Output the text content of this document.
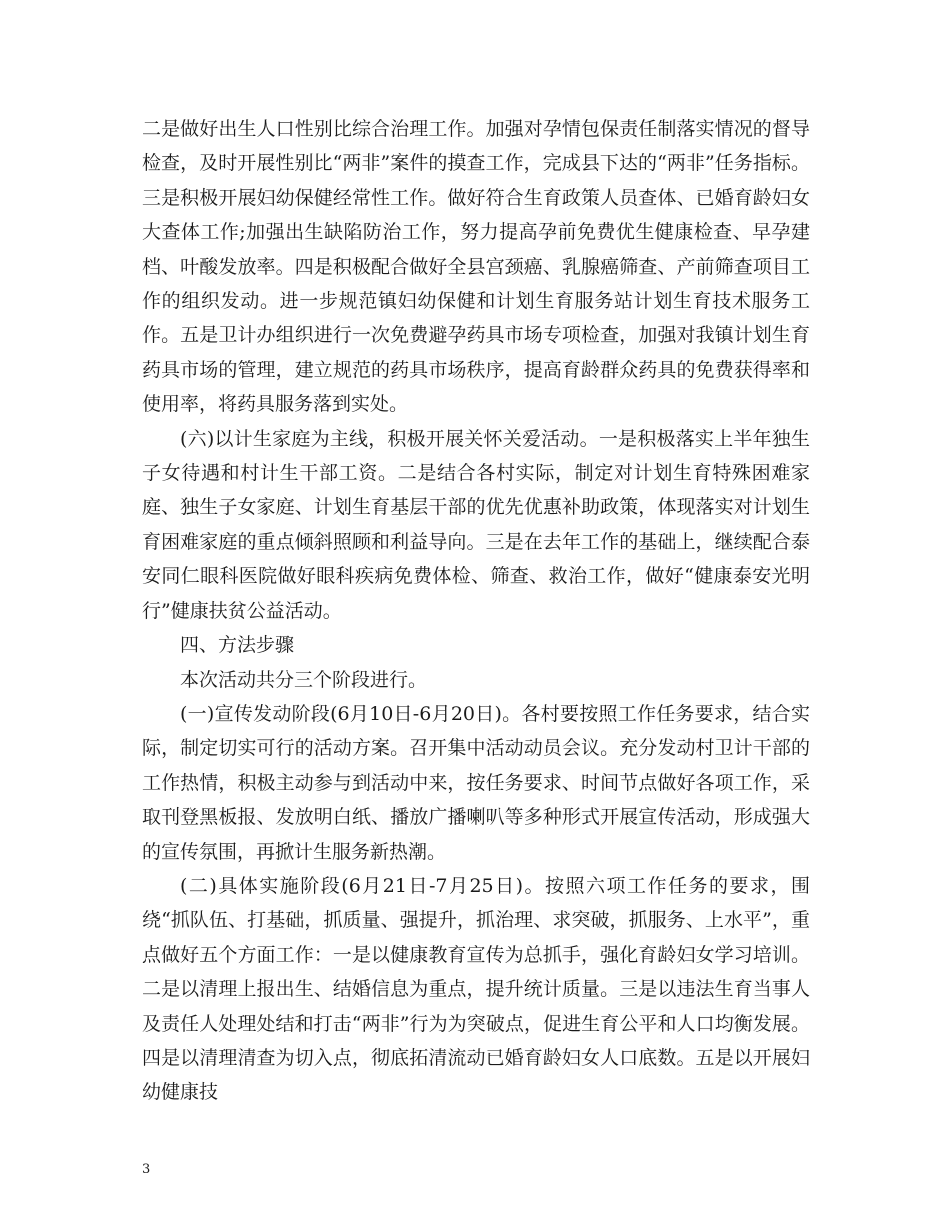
二是做好出生人口性别比综合治理工作。加强对孕情包保责任制落实情况的督导检查，及时开展性别比“两非”案件的摸查工作，完成县下达的“两非”任务指标。三是积极开展妇幼保健经常性工作。做好符合生育政策人员查体、已婚育龄妇女大查体工作;加强出生缺陷防治工作，努力提高孕前免费优生健康检查、早孕建档、叶酸发放率。四是积极配合做好全县宫颈癌、乳腺癌筛查、产前筛查项目工作的组织发动。进一步规范镇妇幼保健和计划生育服务站计划生育技术服务工作。五是卫计办组织进行一次免费避孕药具市场专项检查，加强对我镇计划生育药具市场的管理，建立规范的药具市场秩序，提高育龄群众药具的免费获得率和使用率，将药具服务落到实处。

(六)以计生家庭为主线，积极开展关怀关爱活动。一是积极落实上半年独生子女待遇和村计生干部工资。二是结合各村实际，制定对计划生育特殊困难家庭、独生子女家庭、计划生育基层干部的优先优惠补助政策，体现落实对计划生育困难家庭的重点倾斜照顾和利益导向。三是在去年工作的基础上，继续配合泰安同仁眼科医院做好眼科疾病免费体检、筛查、救治工作，做好“健康泰安光明行”健康扶贫公益活动。

四、方法步骤

本次活动共分三个阶段进行。

(一)宣传发动阶段(6月10日-6月20日)。各村要按照工作任务要求，结合实际，制定切实可行的活动方案。召开集中活动动员会议。充分发动村卫计干部的工作热情，积极主动参与到活动中来，按任务要求、时间节点做好各项工作，采取刊登黑板报、发放明白纸、播放广播喇叭等多种形式开展宣传活动，形成强大的宣传氛围，再掀计生服务新热潮。

(二)具体实施阶段(6月21日-7月25日)。按照六项工作任务的要求，围绕“抓队伍、打基础，抓质量、强提升，抓治理、求突破，抓服务、上水平”，重点做好五个方面工作：一是以健康教育宣传为总抓手，强化育龄妇女学习培训。二是以清理上报出生、结婚信息为重点，提升统计质量。三是以违法生育当事人及责任人处理处结和打击“两非”行为为突破点，促进生育公平和人口均衡发展。四是以清理清查为切入点，彻底拓清流动已婚育龄妇女人口底数。五是以开展妇幼健康技

3
